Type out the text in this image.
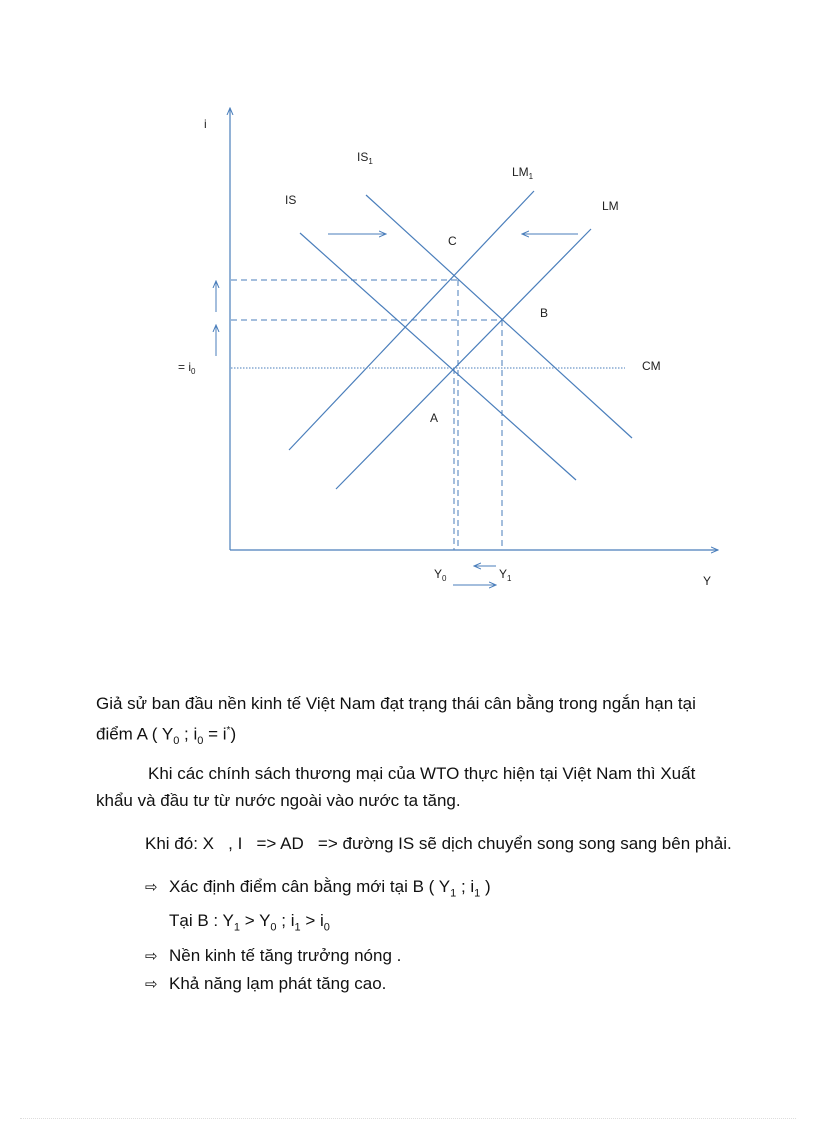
i
Y
IS
$IS_1$
$LM_1$
LM
CM
C
B
A
= $i_0$
$Y_0$	$Y_1$
Giả sử ban đầu nền kinh tế Việt Nam đạt trạng thái cân bằng trong ngắn hạn tại
điểm A ( $Y_0$ ; $i_0 = i^*$)
Khi các chính sách thương mại của WTO thực hiện tại Việt Nam thì Xuất
khẩu và đầu tư từ nước ngoài vào nước ta tăng.
Khi đó: X   , I   => AD   => đường IS sẽ dịch chuyển song song sang bên phải.
⇨ Xác định điểm cân bằng mới tại B ( $Y_1$ ; $i_1$ )
Tại B : $Y_1 > Y_0$ ; $i_1 > i_0$
⇨ Nền kinh tế tăng trưởng nóng .
⇨ Khả năng lạm phát tăng cao.
